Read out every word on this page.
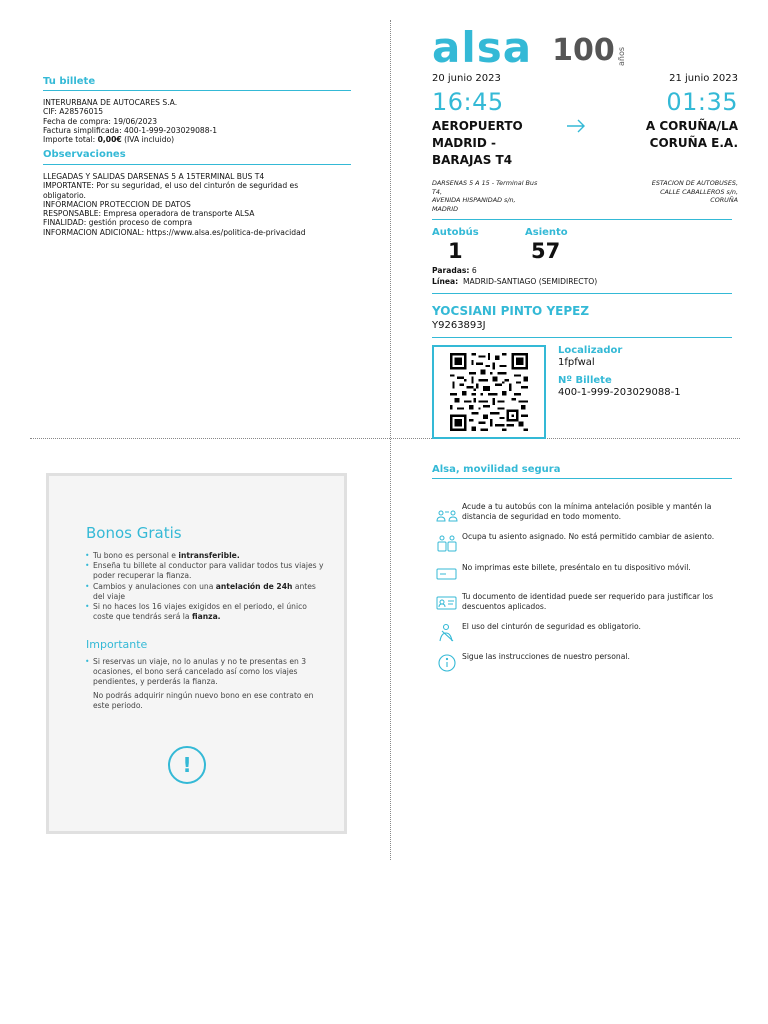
Tu billete
INTERURBANA DE AUTOCARES S.A.
CIF: A28576015
Fecha de compra: 19/06/2023
Factura simplificada: 400-1-999-203029088-1
Importe total: 0,00€ (IVA incluido)
Observaciones
LLEGADAS Y SALIDAS DARSENAS 5 A 15TERMINAL BUS T4
IMPORTANTE: Por su seguridad, el uso del cinturón de seguridad es
obligatorio.
INFORMACION PROTECCION DE DATOS
RESPONSABLE: Empresa operadora de transporte ALSA
FINALIDAD: gestión proceso de compra
INFORMACION ADICIONAL: https://www.alsa.es/politica-de-privacidad
alsa 100 años
20 junio 2023	21 junio 2023
16:45	01:35
AEROPUERTO
MADRID -
BARAJAS T4
A CORUÑA/LA
CORUÑA E.A.
DARSENAS 5 A 15 - Terminal Bus
T4,
AVENIDA HISPANIDAD s/n,
MADRID
ESTACION DE AUTOBUSES,
CALLE CABALLEROS s/n,
CORUÑA
Autobús	Asiento
1	57
Paradas: 6
Línea:  MADRID-SANTIAGO (SEMIDIRECTO)
YOCSIANI PINTO YEPEZ
Y9263893J
Localizador
1fpfwal
Nº Billete
400-1-999-203029088-1
Bonos Gratis
• Tu bono es personal e intransferible.
• Enseña tu billete al conductor para validar todos tus viajes y poder recuperar la fianza.
• Cambios y anulaciones con una antelación de 24h antes del viaje
• Si no haces los 16 viajes exigidos en el periodo, el único coste que tendrás será la fianza.
Importante
• Si reservas un viaje, no lo anulas y no te presentas en 3 ocasiones, el bono será cancelado así como los viajes pendientes, y perderás la fianza.
No podrás adquirir ningún nuevo bono en ese contrato en este periodo.
!
Alsa, movilidad segura
Acude a tu autobús con la mínima antelación posible y mantén la distancia de seguridad en todo momento.
Ocupa tu asiento asignado. No está permitido cambiar de asiento.
No imprimas este billete, preséntalo en tu dispositivo móvil.
Tu documento de identidad puede ser requerido para justificar los descuentos aplicados.
El uso del cinturón de seguridad es obligatorio.
Sigue las instrucciones de nuestro personal.
